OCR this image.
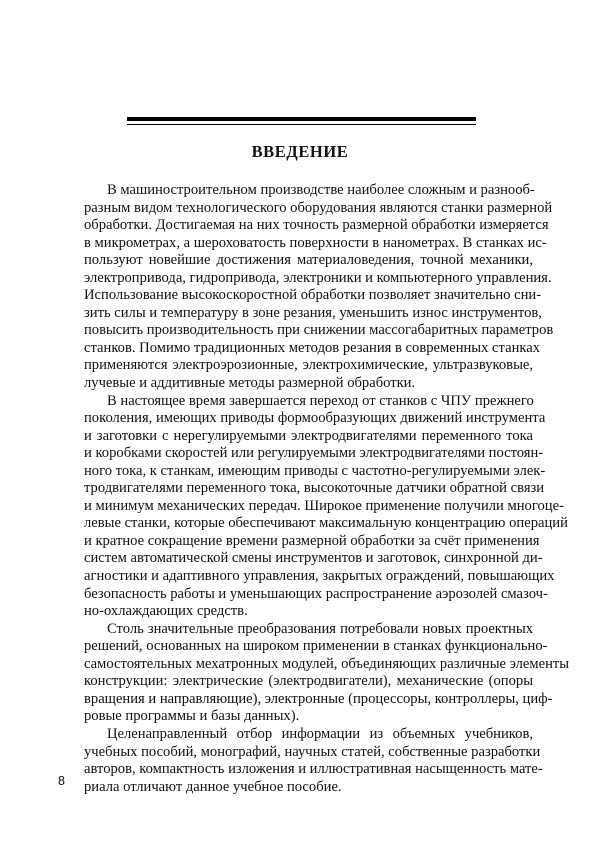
ВВЕДЕНИЕ

В машиностроительном производстве наиболее сложным и разнооб-
разным видом технологического оборудования являются станки размерной
обработки. Достигаемая на них точность размерной обработки измеряется
в микрометрах, а шероховатость поверхности в нанометрах. В станках ис-
пользуют новейшие достижения материаловедения, точной механики,
электропривода, гидропривода, электроники и компьютерного управления.
Использование высокоскоростной обработки позволяет значительно сни-
зить силы и температуру в зоне резания, уменьшить износ инструментов,
повысить производительность при снижении массогабаритных параметров
станков. Помимо традиционных методов резания в современных станках
применяются электроэрозионные, электрохимические, ультразвуковые,
лучевые и аддитивные методы размерной обработки.

В настоящее время завершается переход от станков с ЧПУ прежнего
поколения, имеющих приводы формообразующих движений инструмента
и заготовки с нерегулируемыми электродвигателями переменного тока
и коробками скоростей или регулируемыми электродвигателями постоян-
ного тока, к станкам, имеющим приводы с частотно-регулируемыми элек-
тродвигателями переменного тока, высокоточные датчики обратной связи
и минимум механических передач. Широкое применение получили многоце-
левые станки, которые обеспечивают максимальную концентрацию операций
и кратное сокращение времени размерной обработки за счёт применения
систем автоматической смены инструментов и заготовок, синхронной ди-
агностики и адаптивного управления, закрытых ограждений, повышающих
безопасность работы и уменьшающих распространение аэрозолей смазоч-
но-охлаждающих средств.

Столь значительные преобразования потребовали новых проектных
решений, основанных на широком применении в станках функционально-
самостоятельных мехатронных модулей, объединяющих различные элементы
конструкции: электрические (электродвигатели), механические (опоры
вращения и направляющие), электронные (процессоры, контроллеры, циф-
ровые программы и базы данных).

Целенаправленный отбор информации из объемных учебников,
учебных пособий, монографий, научных статей, собственные разработки
авторов, компактность изложения и иллюстративная насыщенность мате-
риала отличают данное учебное пособие.

8
